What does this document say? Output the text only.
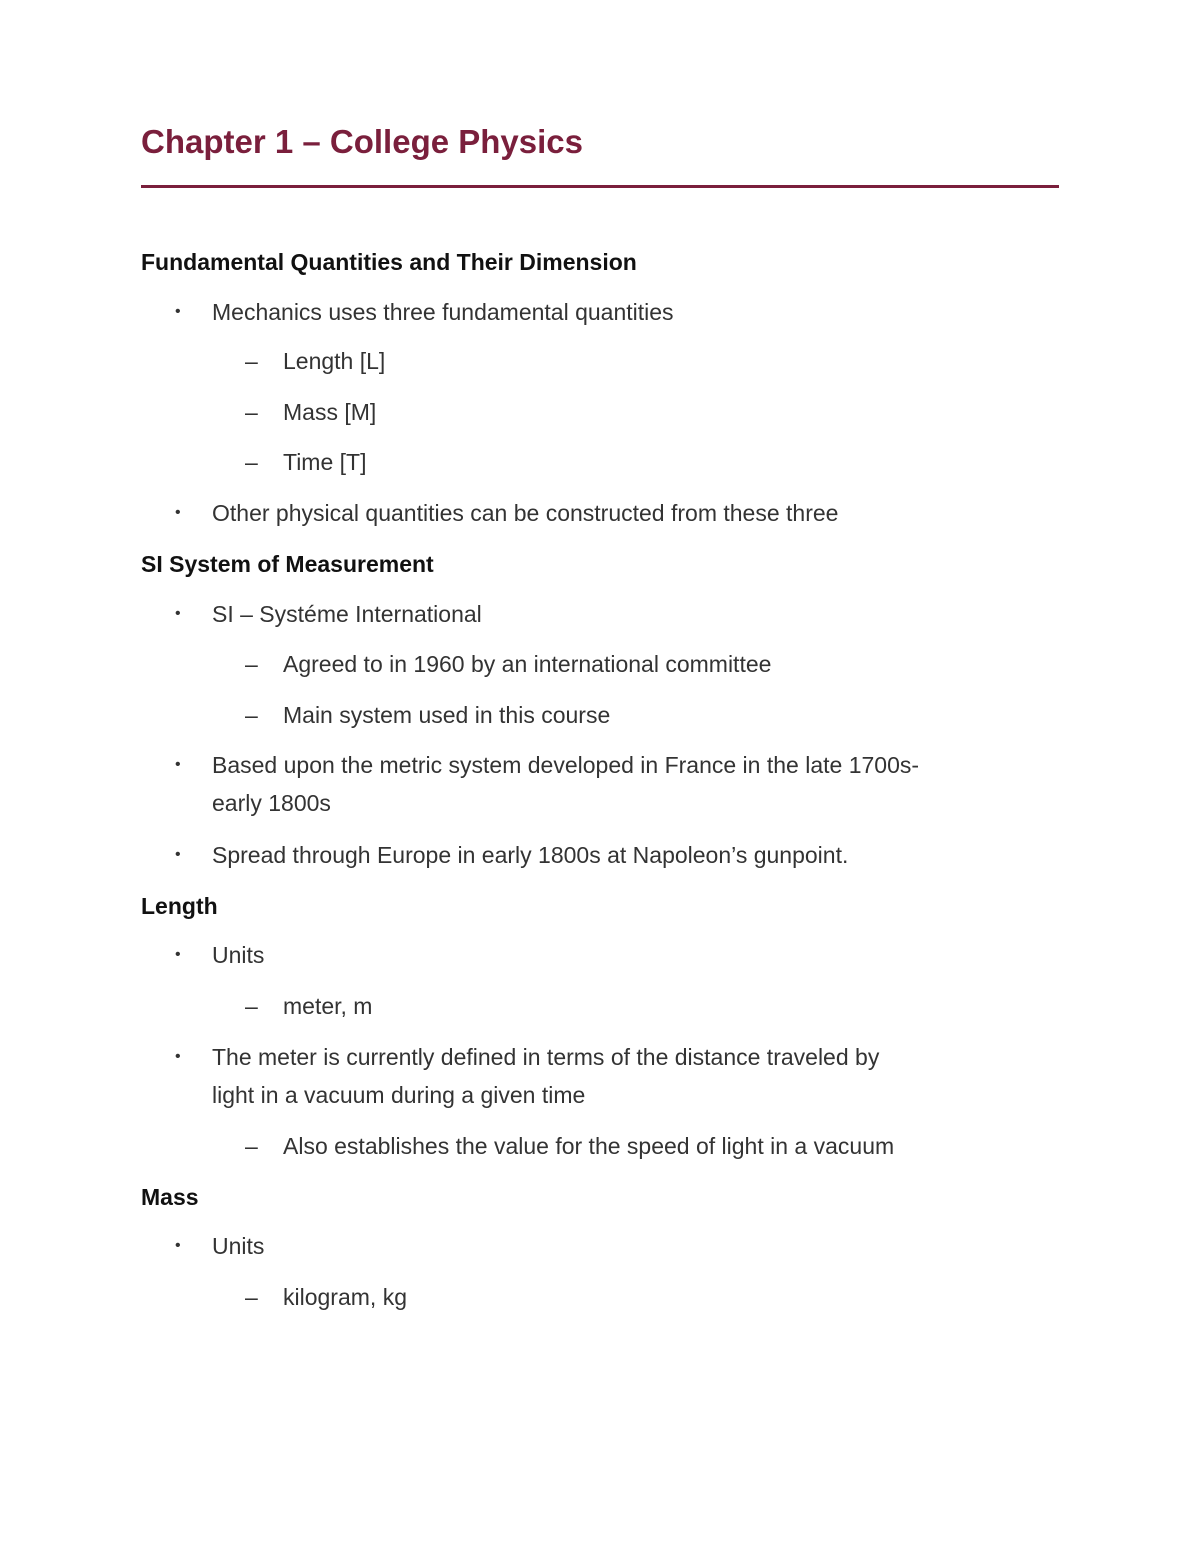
Chapter 1 – College Physics
Fundamental Quantities and Their Dimension
• Mechanics uses three fundamental quantities
– Length [L]
– Mass [M]
– Time [T]
• Other physical quantities can be constructed from these three
SI System of Measurement
• SI – Systéme International
– Agreed to in 1960 by an international committee
– Main system used in this course
• Based upon the metric system developed in France in the late 1700s-
early 1800s
• Spread through Europe in early 1800s at Napoleon’s gunpoint.
Length
• Units
– meter, m
• The meter is currently defined in terms of the distance traveled by
light in a vacuum during a given time
– Also establishes the value for the speed of light in a vacuum
Mass
• Units
– kilogram, kg
